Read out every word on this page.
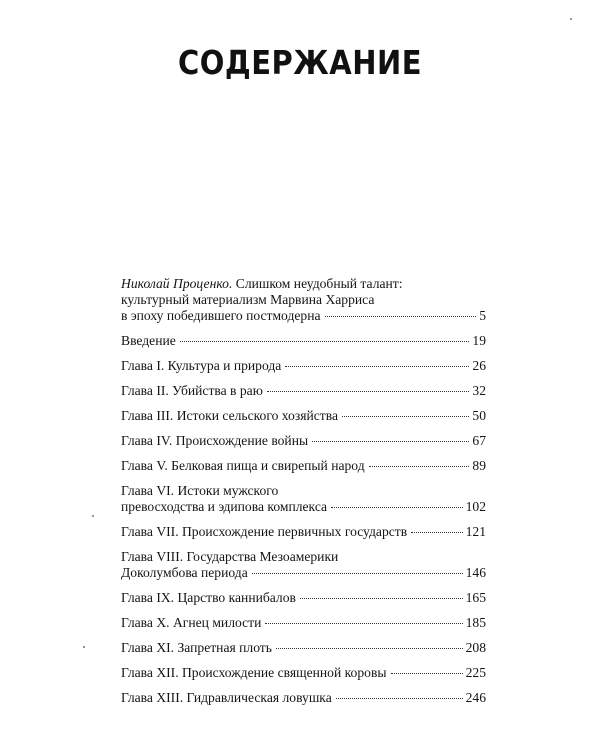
СОДЕРЖАНИЕ
Николай Проценко. Слишком неудобный талант:
культурный материализм Марвина Харриса
в эпоху победившего постмодерна	5
Введение	19
Глава I. Культура и природа	26
Глава II. Убийства в раю	32
Глава III. Истоки сельского хозяйства	50
Глава IV. Происхождение войны	67
Глава V. Белковая пища и свирепый народ	89
Глава VI. Истоки мужского
превосходства и эдипова комплекса	102
Глава VII. Происхождение первичных государств	121
Глава VIII. Государства Мезоамерики
Доколумбова периода	146
Глава IX. Царство каннибалов	165
Глава X. Агнец милости	185
Глава XI. Запретная плоть	208
Глава XII. Происхождение священной коровы	225
Глава XIII. Гидравлическая ловушка	246
